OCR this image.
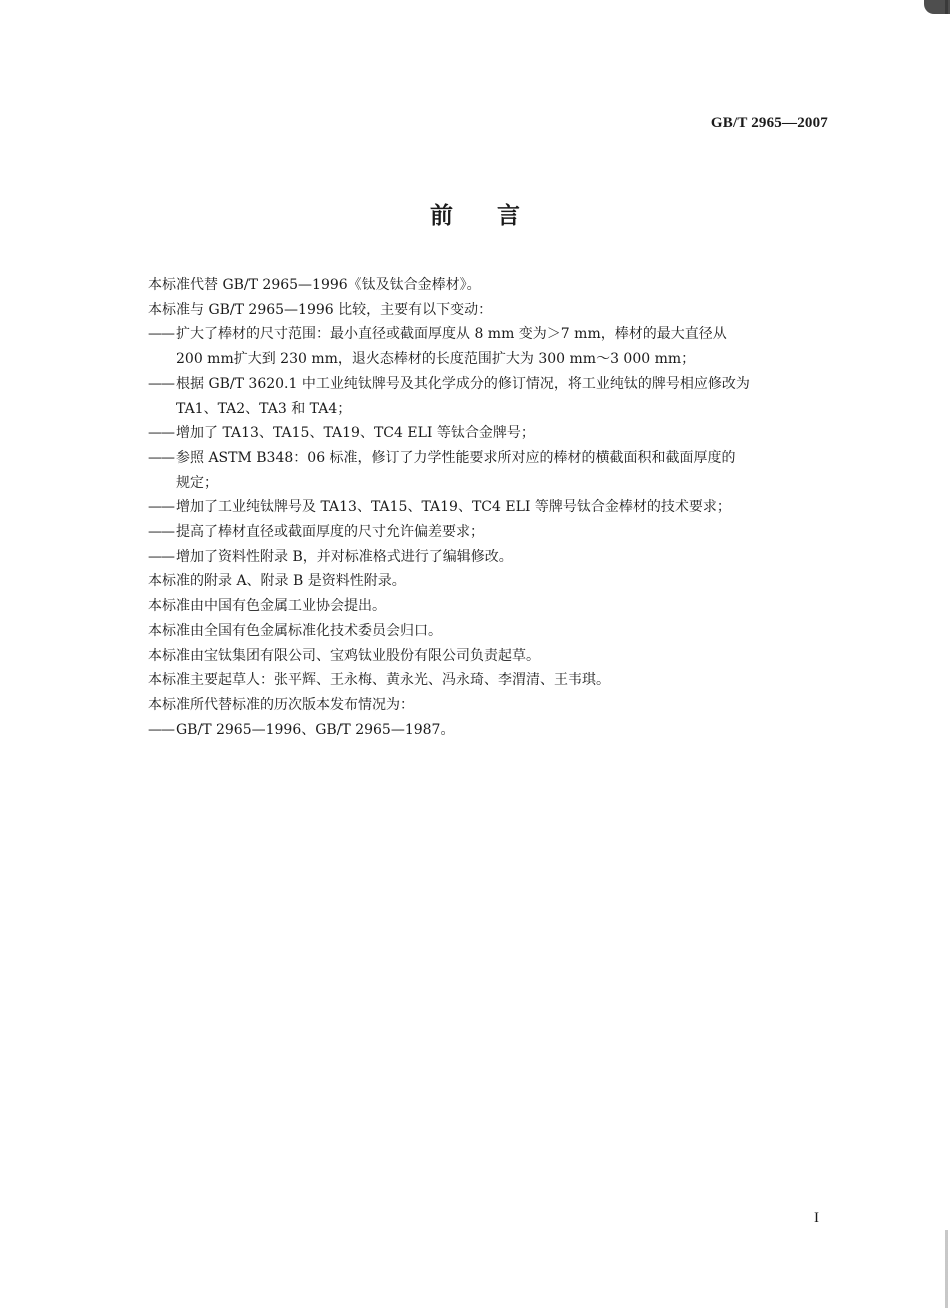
GB/T 2965—2007
前言

本标准代替 GB/T 2965—1996《钛及钛合金棒材》。

本标准与 GB/T 2965—1996 比较，主要有以下变动：

—— 扩大了棒材的尺寸范围：最小直径或截面厚度从 8 mm 变为＞7 mm，棒材的最大直径从
200 mm扩大到 230 mm，退火态棒材的长度范围扩大为 300 mm～3 000 mm；
—— 根据 GB/T 3620.1 中工业纯钛牌号及其化学成分的修订情况，将工业纯钛的牌号相应修改为
TA1、TA2、TA3 和 TA4；
—— 增加了 TA13、TA15、TA19、TC4 ELI 等钛合金牌号；
—— 参照 ASTM B348：06 标准，修订了力学性能要求所对应的棒材的横截面积和截面厚度的
规定；
—— 增加了工业纯钛牌号及 TA13、TA15、TA19、TC4 ELI 等牌号钛合金棒材的技术要求；
—— 提高了棒材直径或截面厚度的尺寸允许偏差要求；
—— 增加了资料性附录 B，并对标准格式进行了编辑修改。

本标准的附录 A、附录 B 是资料性附录。

本标准由中国有色金属工业协会提出。

本标准由全国有色金属标准化技术委员会归口。

本标准由宝钛集团有限公司、宝鸡钛业股份有限公司负责起草。

本标准主要起草人：张平辉、王永梅、黄永光、冯永琦、李渭清、王韦琪。

本标准所代替标准的历次版本发布情况为：

—— GB/T 2965—1996、GB/T 2965—1987。
I
